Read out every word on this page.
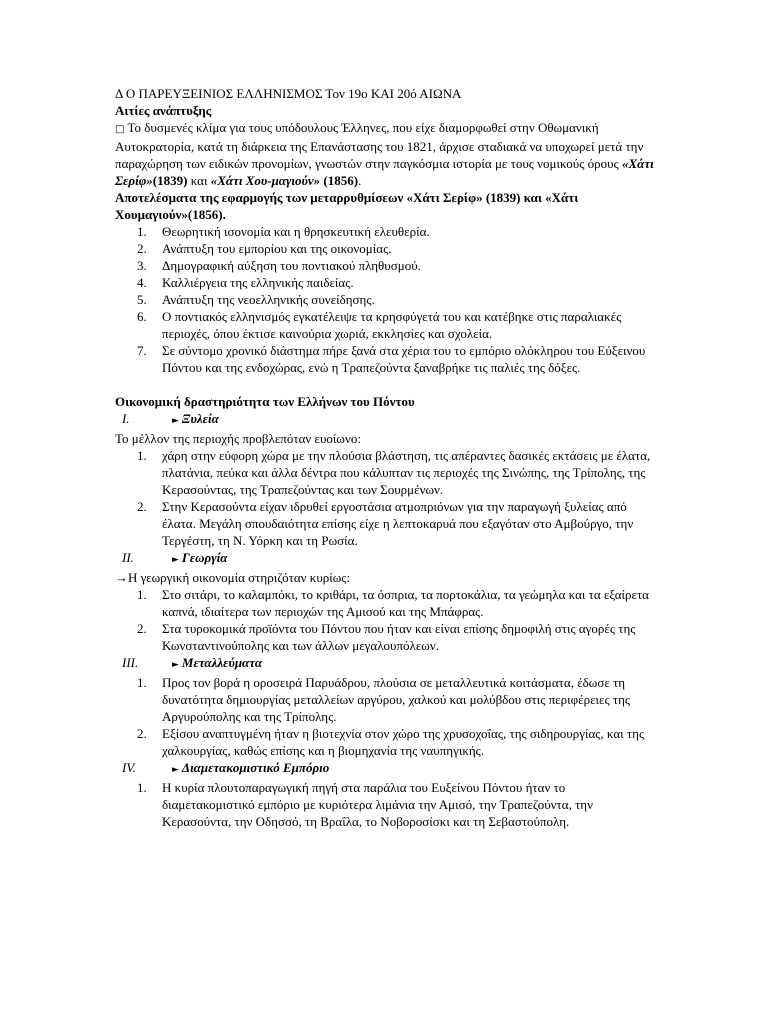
Δ Ο ΠΑΡΕΥΞΕΙΝΙΟΣ ΕΛΛΗΝΙΣΜΟΣ Τον 19ο ΚΑΙ 20ό ΑΙΩΝΑ

Αιτίες ανάπτυξης

□ Το δυσμενές κλίμα για τους υπόδουλους Έλληνες, που είχε διαμορφωθεί στην Οθωμανική Αυτοκρατορία, κατά τη διάρκεια της Επανάστασης του 1821, άρχισε σταδιακά να υποχωρεί μετά την παραχώρηση των ειδικών προνομίων, γνωστών στην παγκόσμια ιστορία με τους νομικούς όρους «Χάτι Σερίφ»(1839) και «Χάτι Χου-μαγιούν» (1856).

Αποτελέσματα της εφαρμογής των μεταρρυθμίσεων «Χάτι Σερίφ» (1839) και «Χάτι Χουμαγιούν»(1856).

1. Θεωρητική ισονομία και η θρησκευτική ελευθερία.
2. Ανάπτυξη του εμπορίου και της οικονομίας.
3. Δημογραφική αύξηση του ποντιακού πληθυσμού.
4. Καλλιέργεια της ελληνικής παιδείας.
5. Ανάπτυξη της νεοελληνικής συνείδησης.
6. Ο ποντιακός ελληνισμός εγκατέλειψε τα κρησφύγετά του και κατέβηκε στις παραλιακές περιοχές, όπου έκτισε καινούρια χωριά, εκκλησίες και σχολεία.
7. Σε σύντομο χρονικό διάστημα πήρε ξανά στα χέρια του το εμπόριο ολόκληρου του Εύξεινου Πόντου και της ενδοχώρας, ενώ η Τραπεζούντα ξαναβρήκε τις παλιές της δόξες.

Οικονομική δραστηριότητα των Ελλήνων του Πόντου

I.	► Ξυλεία

Το μέλλον της περιοχής προβλεπόταν ευοίωνο:

1. χάρη στην εύφορη χώρα με την πλούσια βλάστηση, τις απέραντες δασικές εκτάσεις με έλατα, πλατάνια, πεύκα και άλλα δέντρα που κάλυπταν τις περιοχές της Σινώπης, της Τρίπολης, της Κερασούντας, της Τραπεζούντας και των Σουρμένων.
2. Στην Κερασούντα είχαν ιδρυθεί εργοστάσια ατμοπριόνων για την παραγωγή ξυλείας από έλατα. Μεγάλη σπουδαιότητα επίσης είχε η λεπτοκαρυά που εξαγόταν στο Αμβούργο, την Τεργέστη, τη Ν. Υόρκη και τη Ρωσία.
II.	► Γεωργία

→Η γεωργική οικονομία στηριζόταν κυρίως:

1. Στο σιτάρι, το καλαμπόκι, το κριθάρι, τα όσπρια, τα πορτοκάλια, τα γεώμηλα και τα εξαίρετα καπνά, ιδιαίτερα των περιοχών της Αμισού και της Μπάφρας.
2. Στα τυροκομικά προϊόντα του Πόντου που ήταν και είναι επίσης δημοφιλή στις αγορές της Κωνσταντινούπολης και των άλλων μεγαλουπόλεων.
III.	► Μεταλλεύματα
1. Προς τον βορά η οροσειρά Παρυάδρου, πλούσια σε μεταλλευτικά κοιτάσματα, έδωσε τη δυνατότητα δημιουργίας μεταλλείων αργύρου, χαλκού και μολύβδου στις περιφέρειες της Αργυρούπολης και της Τρίπολης.
2. Εξίσου αναπτυγμένη ήταν η βιοτεχνία στον χώρο της χρυσοχοΐας, της σιδηρουργίας, και της χαλκουργίας, καθώς επίσης και η βιομηχανία της ναυπηγικής.
IV.	► Διαμετακομιστικό Εμπόριο
1. Η κυρία πλουτοπαραγωγική πηγή στα παράλια του Ευξείνου Πόντου ήταν το διαμετακομιστικό εμπόριο με κυριότερα λιμάνια την Αμισό, την Τραπεζούντα, την Κερασούντα, την Οδησσό, τη Βραΐλα, το Νοβοροσίσκι και τη Σεβαστούπολη.
